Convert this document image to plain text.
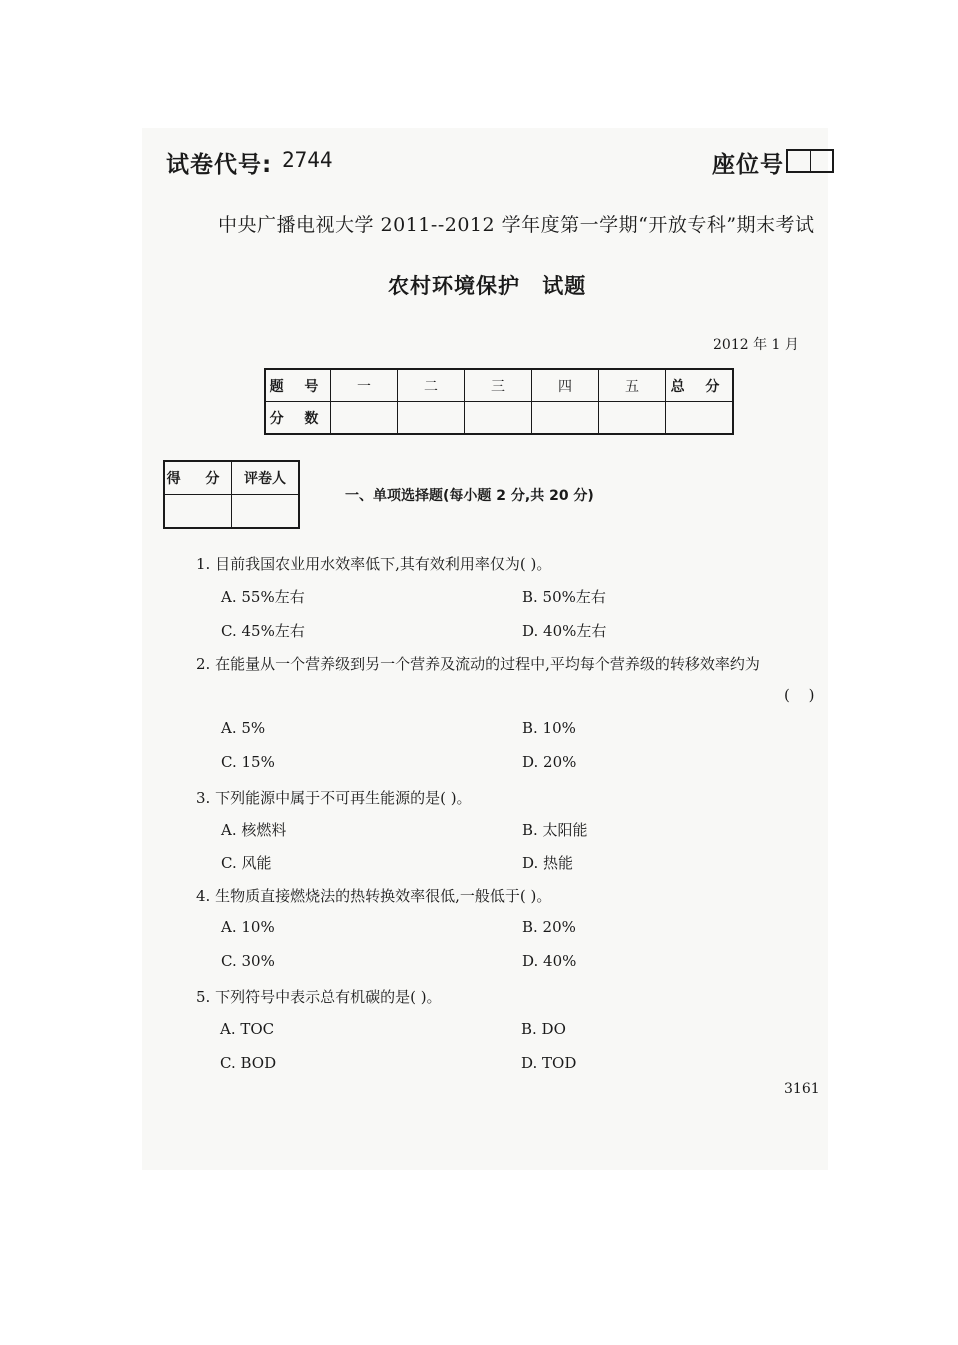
试卷代号: 2744	座位号
中央广播电视大学 2011--2012 学年度第一学期“开放专科”期末考试
农村环境保护 试题
2012 年 1 月
题 号	一	二	三	四	五	总 分
分 数						
得 分	评卷人

一、单项选择题(每小题 2 分,共 20 分)
1. 目前我国农业用水效率低下,其有效利用率仅为( )。
A. 55%左右	B. 50%左右
C. 45%左右	D. 40%左右
2. 在能量从一个营养级到另一个营养及流动的过程中,平均每个营养级的转移效率约为
( )
A. 5%	B. 10%
C. 15%	D. 20%
3. 下列能源中属于不可再生能源的是( )。
A. 核燃料	B. 太阳能
C. 风能	D. 热能
4. 生物质直接燃烧法的热转换效率很低,一般低于( )。
A. 10%	B. 20%
C. 30%	D. 40%
5. 下列符号中表示总有机碳的是( )。
A. TOC	B. DO
C. BOD	D. TOD
3161
